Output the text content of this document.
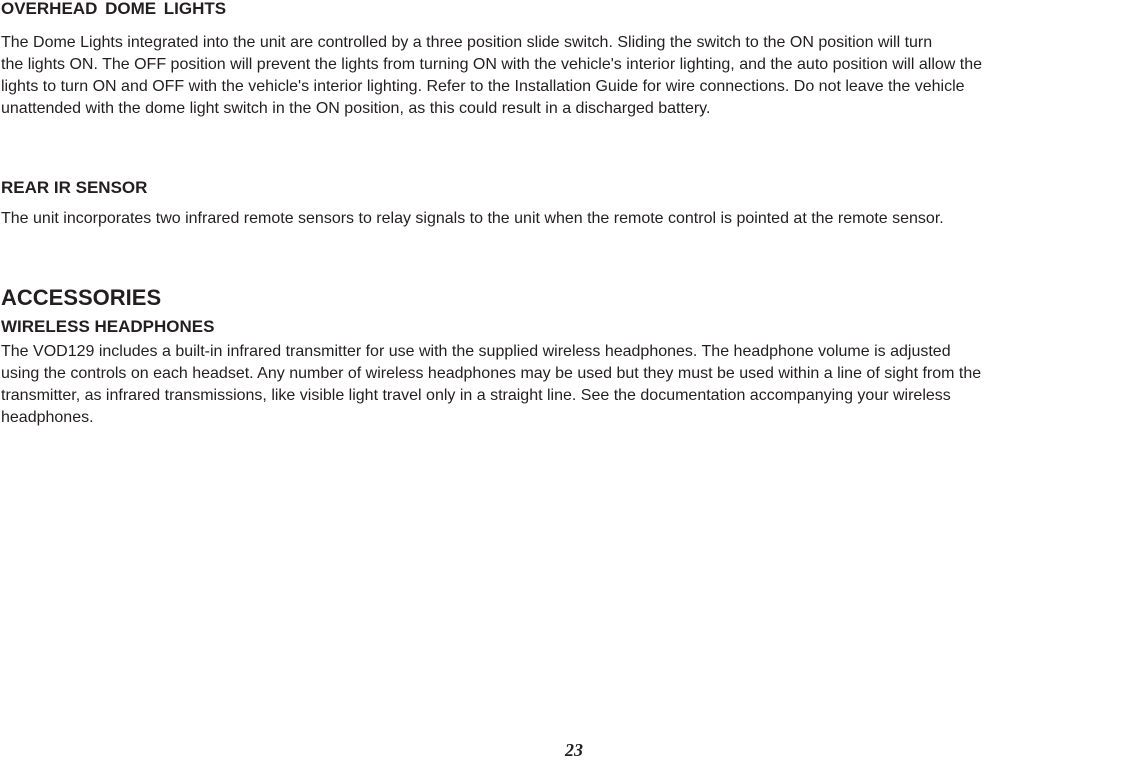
OVERHEAD DOME LIGHTS

The Dome Lights integrated into the unit are controlled by a three position slide switch. Sliding the switch to the ON position will turn
the lights ON. The OFF position will prevent the lights from turning ON with the vehicle's interior lighting, and the auto position will allow the
lights to turn ON and OFF with the vehicle's interior lighting. Refer to the Installation Guide for wire connections. Do not leave the vehicle
unattended with the dome light switch in the ON position, as this could result in a discharged battery.

REAR IR SENSOR

The unit incorporates two infrared remote sensors to relay signals to the unit when the remote control is pointed at the remote sensor.

ACCESSORIES
WIRELESS HEADPHONES

The VOD129 includes a built-in infrared transmitter for use with the supplied wireless headphones. The headphone volume is adjusted
using the controls on each headset. Any number of wireless headphones may be used but they must be used within a line of sight from the
transmitter, as infrared transmissions, like visible light travel only in a straight line. See the documentation accompanying your wireless
headphones.

23
